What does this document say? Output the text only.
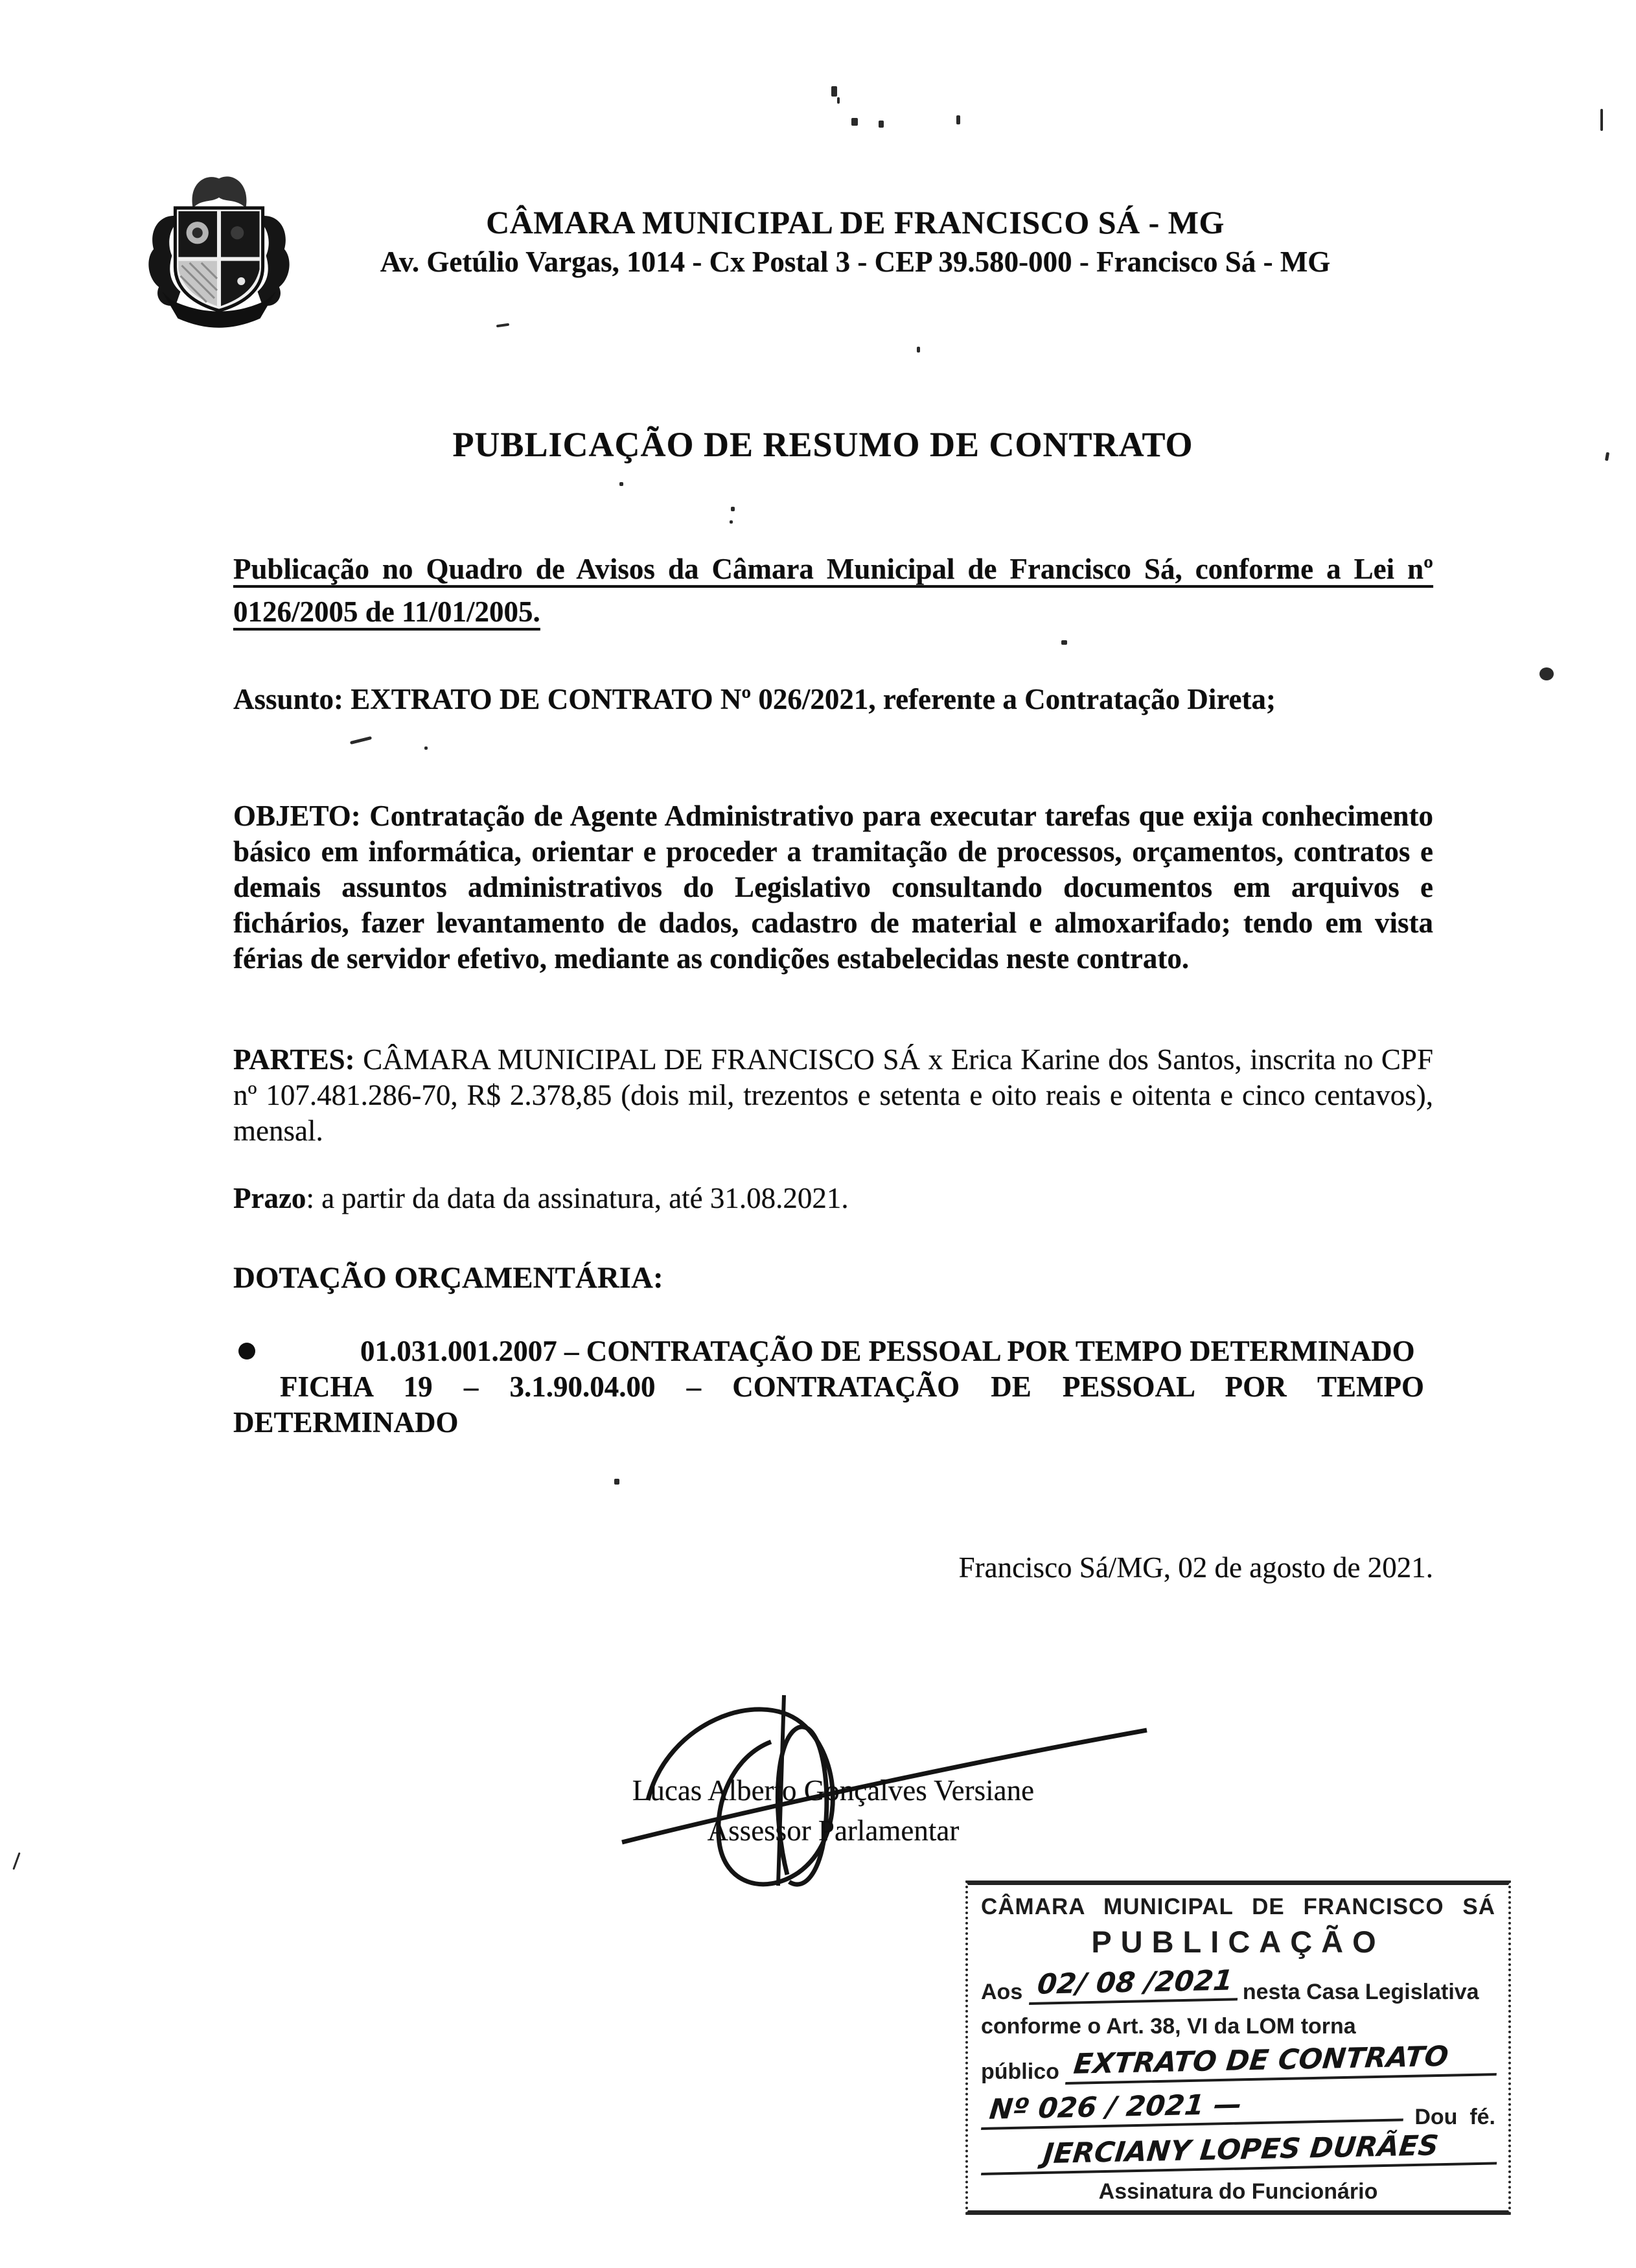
CÂMARA MUNICIPAL DE FRANCISCO SÁ - MG
Av. Getúlio Vargas, 1014 - Cx Postal 3 - CEP 39.580-000 - Francisco Sá - MG
PUBLICAÇÃO DE RESUMO DE CONTRATO
Publicação no Quadro de Avisos da Câmara Municipal de Francisco Sá, conforme a Lei nº 0126/2005 de 11/01/2005.
Assunto: EXTRATO DE CONTRATO Nº 026/2021, referente a Contratação Direta;
OBJETO: Contratação de Agente Administrativo para executar tarefas que exija conhecimento básico em informática, orientar e proceder a tramitação de processos, orçamentos, contratos e demais assuntos administrativos do Legislativo consultando documentos em arquivos e fichários, fazer levantamento de dados, cadastro de material e almoxarifado; tendo em vista férias de servidor efetivo, mediante as condições estabelecidas neste contrato.
PARTES: CÂMARA MUNICIPAL DE FRANCISCO SÁ x Erica Karine dos Santos, inscrita no CPF nº 107.481.286-70, R$ 2.378,85 (dois mil, trezentos e setenta e oito reais e oitenta e cinco centavos), mensal.
Prazo: a partir da data da assinatura, até 31.08.2021.
DOTAÇÃO ORÇAMENTÁRIA:
01.031.001.2007 – CONTRATAÇÃO DE PESSOAL POR TEMPO DETERMINADO
FICHA 19 – 3.1.90.04.00 – CONTRATAÇÃO DE PESSOAL POR TEMPO
DETERMINADO
Francisco Sá/MG, 02 de agosto de 2021.
Lucas Alberto Gonçalves Versiane
Assessor Parlamentar
CÂMARA MUNICIPAL DE FRANCISCO SÁ
PUBLICAÇÃO
Aos 02/ 08 /2021 nesta Casa Legislativa
conforme o Art. 38, VI da LOM torna
público EXTRATO DE CONTRATO
Nº 026 / 2021 —	Dou  fé.
JERCIANY LOPES DURÃES
Assinatura do Funcionário
